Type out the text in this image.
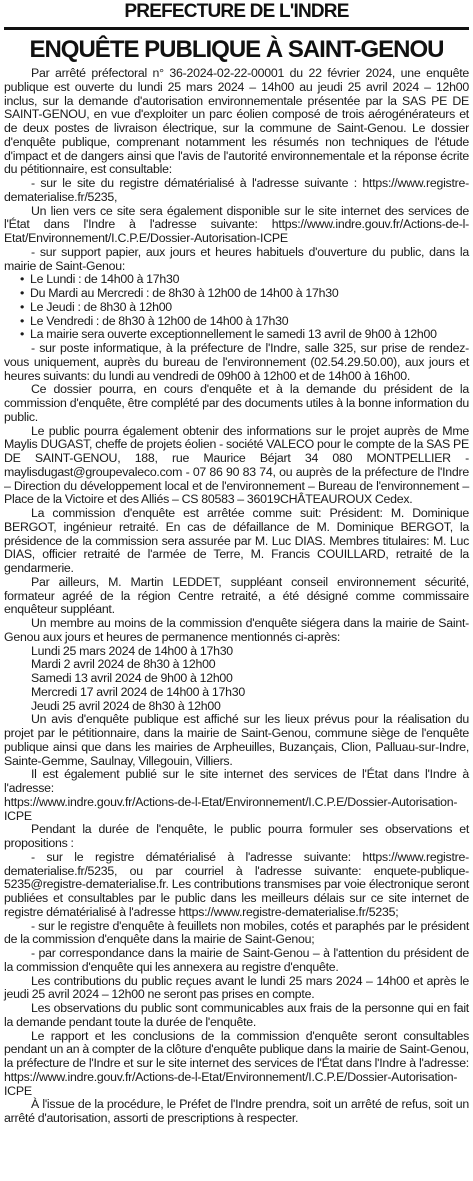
PREFECTURE DE L'INDRE
ENQUÊTE PUBLIQUE À SAINT-GENOU

Par arrêté préfectoral n° 36-2024-02-22-00001 du 22 février 2024, une enquête publique est ouverte du lundi 25 mars 2024 – 14h00 au jeudi 25 avril 2024 – 12h00 inclus, sur la demande d'autorisation environnementale présentée par la SAS PE DE SAINT-GENOU, en vue d'exploiter un parc éolien composé de trois aérogénérateurs et de deux postes de livraison électrique, sur la commune de Saint-Genou. Le dossier d'enquête publique, comprenant notamment les résumés non techniques de l'étude d'impact et de dangers ainsi que l'avis de l'autorité environnementale et la réponse écrite du pétitionnaire, est consultable:

- sur le site du registre dématérialisé à l'adresse suivante : https://www.registre-dematerialise.fr/5235,

Un lien vers ce site sera également disponible sur le site internet des services de l'État dans l'Indre à l'adresse suivante: https://www.indre.gouv.fr/Actions-de-l-Etat/Environnement/I.C.P.E/Dossier-Autorisation-ICPE

- sur support papier, aux jours et heures habituels d'ouverture du public, dans la mairie de Saint-Genou:

• Le Lundi : de 14h00 à 17h30
• Du Mardi au Mercredi : de 8h30 à 12h00 de 14h00 à 17h30
• Le Jeudi : de 8h30 à 12h00
• Le Vendredi : de 8h30 à 12h00 de 14h00 à 17h30
• La mairie sera ouverte exceptionnellement le samedi 13 avril de 9h00 à 12h00

- sur poste informatique, à la préfecture de l'Indre, salle 325, sur prise de rendez-vous uniquement, auprès du bureau de l'environnement (02.54.29.50.00), aux jours et heures suivants: du lundi au vendredi de 09h00 à 12h00 et de 14h00 à 16h00.

Ce dossier pourra, en cours d'enquête et à la demande du président de la commission d'enquête, être complété par des documents utiles à la bonne information du public.

Le public pourra également obtenir des informations sur le projet auprès de Mme Maylis DUGAST, cheffe de projets éolien - société VALECO pour le compte de la SAS PE DE SAINT-GENOU, 188, rue Maurice Béjart 34 080 MONTPELLIER - maylisdugast@groupevaleco.com - 07 86 90 83 74, ou auprès de la préfecture de l'Indre – Direction du développement local et de l'environnement – Bureau de l'environnement – Place de la Victoire et des Alliés – CS 80583 – 36019CHÂTEAUROUX Cedex.

La commission d'enquête est arrêtée comme suit: Président: M. Dominique BERGOT, ingénieur retraité. En cas de défaillance de M. Dominique BERGOT, la présidence de la commission sera assurée par M. Luc DIAS. Membres titulaires: M. Luc DIAS, officier retraité de l'armée de Terre, M. Francis COUILLARD, retraité de la gendarmerie.

Par ailleurs, M. Martin LEDDET, suppléant conseil environnement sécurité, formateur agréé de la région Centre retraité, a été désigné comme commissaire enquêteur suppléant.

Un membre au moins de la commission d'enquête siégera dans la mairie de Saint-Genou aux jours et heures de permanence mentionnés ci-après:

Lundi 25 mars 2024 de 14h00 à 17h30
Mardi 2 avril 2024 de 8h30 à 12h00
Samedi 13 avril 2024 de 9h00 à 12h00
Mercredi 17 avril 2024 de 14h00 à 17h30
Jeudi 25 avril 2024 de 8h30 à 12h00

Un avis d'enquête publique est affiché sur les lieux prévus pour la réalisation du projet par le pétitionnaire, dans la mairie de Saint-Genou, commune siège de l'enquête publique ainsi que dans les mairies de Arpheuilles, Buzançais, Clion, Palluau-sur-Indre, Sainte-Gemme, Saulnay, Villegouin, Villiers.

Il est également publié sur le site internet des services de l'État dans l'Indre à l'adresse:

https://www.indre.gouv.fr/Actions-de-l-Etat/Environnement/I.C.P.E/Dossier-Autorisation-ICPE

Pendant la durée de l'enquête, le public pourra formuler ses observations et propositions :

- sur le registre dématérialisé à l'adresse suivante: https://www.registre-dematerialise.fr/5235, ou par courriel à l'adresse suivante: enquete-publique-5235@registre-dematerialise.fr. Les contributions transmises par voie électronique seront publiées et consultables par le public dans les meilleurs délais sur ce site internet de registre dématérialisé à l'adresse https://www.registre-dematerialise.fr/5235;

- sur le registre d'enquête à feuillets non mobiles, cotés et paraphés par le président de la commission d'enquête dans la mairie de Saint-Genou;

- par correspondance dans la mairie de Saint-Genou – à l'attention du président de la commission d'enquête qui les annexera au registre d'enquête.

Les contributions du public reçues avant le lundi 25 mars 2024 – 14h00 et après le jeudi 25 avril 2024 – 12h00 ne seront pas prises en compte.

Les observations du public sont communicables aux frais de la personne qui en fait la demande pendant toute la durée de l'enquête.

Le rapport et les conclusions de la commission d'enquête seront consultables pendant un an à compter de la clôture d'enquête publique dans la mairie de Saint-Genou, la préfecture de l'Indre et sur le site internet des services de l'État dans l'Indre à l'adresse: https://www.indre.gouv.fr/Actions-de-l-Etat/Environnement/I.C.P.E/Dossier-Autorisation-ICPE

À l'issue de la procédure, le Préfet de l'Indre prendra, soit un arrêté de refus, soit un arrêté d'autorisation, assorti de prescriptions à respecter.
